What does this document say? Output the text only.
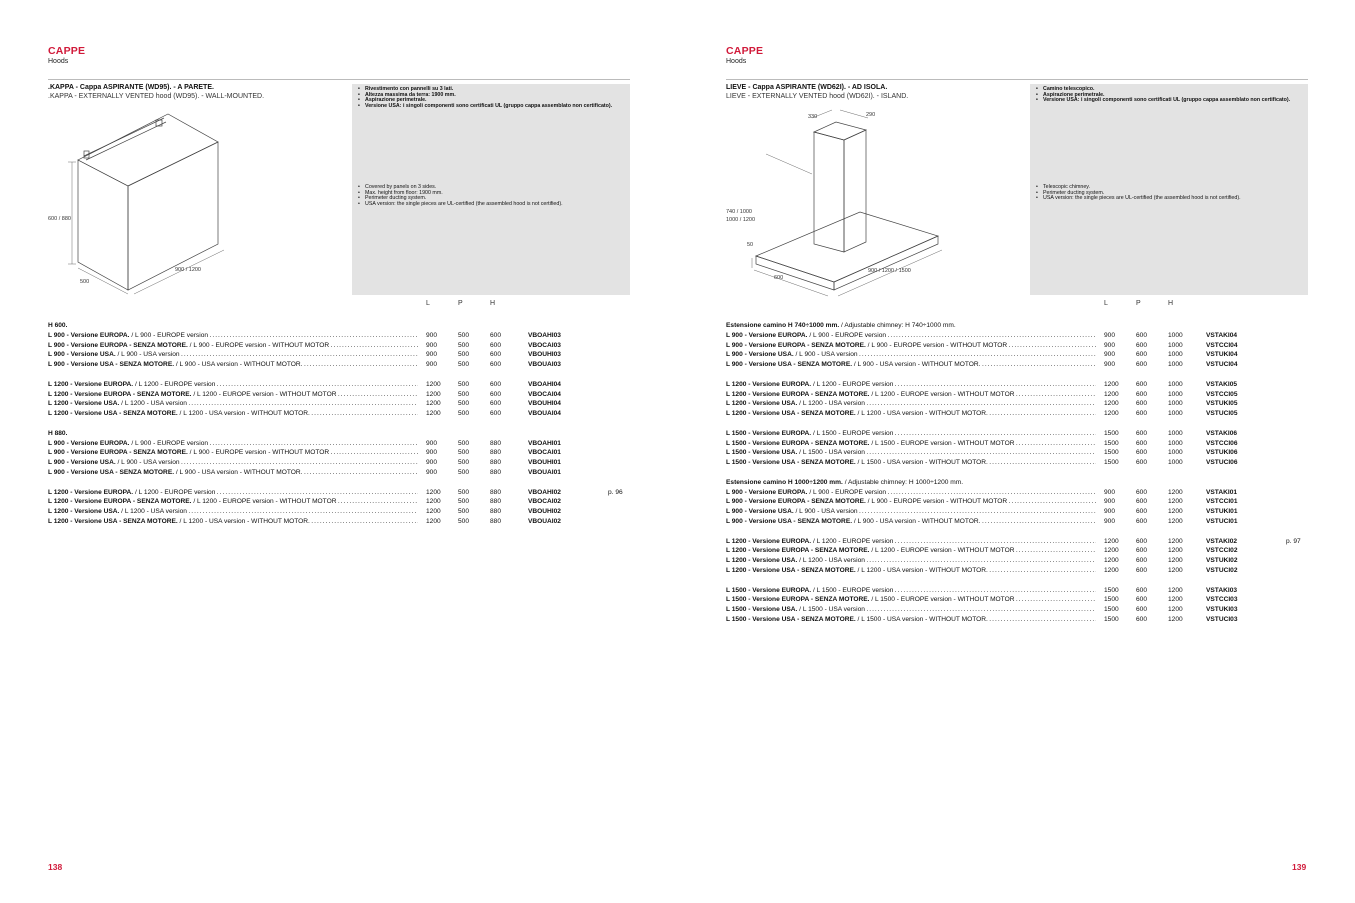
CAPPE
Hoods
.KAPPA - Cappa ASPIRANTE (WD95). - A PARETE.
.KAPPA - EXTERNALLY VENTED hood (WD95). - WALL-MOUNTED.
600 / 880
500
900 / 1200
• Rivestimento con pannelli su 3 lati.
• Altezza massima da terra: 1900 mm.
• Aspirazione perimetrale.
• Versione USA: i singoli componenti sono certificati UL (gruppo cappa assemblato non certificato).
• Covered by panels on 3 sides.
• Max. height from floor: 1900 mm.
• Perimeter ducting system.
• USA version: the single pieces are UL-certified (the assembled hood is not certified).
L	P	H
H 600.
L 900 - Versione EUROPA. / L 900 - EUROPE version . . .	900	500	600	VBOAHI03
L 900 - Versione EUROPA - SENZA MOTORE. / L 900 - EUROPE version - WITHOUT MOTOR . . .	900	500	600	VBOCAI03
L 900 - Versione USA. / L 900 - USA version . . .	900	500	600	VBOUHI03
L 900 - Versione USA - SENZA MOTORE. / L 900 - USA version - WITHOUT MOTOR. . . .	900	500	600	VBOUAI03
L 1200 - Versione EUROPA. / L 1200 - EUROPE version . . .	1200	500	600	VBOAHI04
L 1200 - Versione EUROPA - SENZA MOTORE. / L 1200 - EUROPE version - WITHOUT MOTOR . . .	1200	500	600	VBOCAI04
L 1200 - Versione USA. / L 1200 - USA version . . .	1200	500	600	VBOUHI04
L 1200 - Versione USA - SENZA MOTORE. / L 1200 - USA version - WITHOUT MOTOR. . . .	1200	500	600	VBOUAI04
H 880.
L 900 - Versione EUROPA. / L 900 - EUROPE version . . .	900	500	880	VBOAHI01
L 900 - Versione EUROPA - SENZA MOTORE. / L 900 - EUROPE version - WITHOUT MOTOR . . .	900	500	880	VBOCAI01
L 900 - Versione USA. / L 900 - USA version . . .	900	500	880	VBOUHI01
L 900 - Versione USA - SENZA MOTORE. / L 900 - USA version - WITHOUT MOTOR. . . .	900	500	880	VBOUAI01
L 1200 - Versione EUROPA. / L 1200 - EUROPE version . . .	1200	500	880	VBOAHI02	p. 96
L 1200 - Versione EUROPA - SENZA MOTORE. / L 1200 - EUROPE version - WITHOUT MOTOR . . .	1200	500	880	VBOCAI02
L 1200 - Versione USA. / L 1200 - USA version . . .	1200	500	880	VBOUHI02
L 1200 - Versione USA - SENZA MOTORE. / L 1200 - USA version - WITHOUT MOTOR. . . .	1200	500	880	VBOUAI02
138
CAPPE
Hoods
LIEVE - Cappa ASPIRANTE (WD62I). - AD ISOLA.
LIEVE - EXTERNALLY VENTED hood (WD62I). - ISLAND.
330	290
740 / 1000
1000 / 1200
50
600
900 / 1200 / 1500
• Camino telescopico.
• Aspirazione perimetrale.
• Versione USA: i singoli componenti sono certificati UL (gruppo cappa assemblato non certificato).
• Telescopic chimney.
• Perimeter ducting system.
• USA version: the single pieces are UL-certified (the assembled hood is not certified).
L	P	H
Estensione camino H 740÷1000 mm. / Adjustable chimney: H 740÷1000 mm.
L 900 - Versione EUROPA. / L 900 - EUROPE version . . .	900	600	1000	VSTAKI04
L 900 - Versione EUROPA - SENZA MOTORE. / L 900 - EUROPE version - WITHOUT MOTOR . . .	900	600	1000	VSTCCI04
L 900 - Versione USA. / L 900 - USA version . . .	900	600	1000	VSTUKI04
L 900 - Versione USA - SENZA MOTORE. / L 900 - USA version - WITHOUT MOTOR. . . .	900	600	1000	VSTUCI04
L 1200 - Versione EUROPA. / L 1200 - EUROPE version . . .	1200	600	1000	VSTAKI05
L 1200 - Versione EUROPA - SENZA MOTORE. / L 1200 - EUROPE version - WITHOUT MOTOR . . .	1200	600	1000	VSTCCI05
L 1200 - Versione USA. / L 1200 - USA version . . .	1200	600	1000	VSTUKI05
L 1200 - Versione USA - SENZA MOTORE. / L 1200 - USA version - WITHOUT MOTOR. . . .	1200	600	1000	VSTUCI05
L 1500 - Versione EUROPA. / L 1500 - EUROPE version . . .	1500	600	1000	VSTAKI06
L 1500 - Versione EUROPA - SENZA MOTORE. / L 1500 - EUROPE version - WITHOUT MOTOR . . .	1500	600	1000	VSTCCI06
L 1500 - Versione USA. / L 1500 - USA version . . .	1500	600	1000	VSTUKI06
L 1500 - Versione USA - SENZA MOTORE. / L 1500 - USA version - WITHOUT MOTOR. . . .	1500	600	1000	VSTUCI06
Estensione camino H 1000÷1200 mm. / Adjustable chimney: H 1000÷1200 mm.
L 900 - Versione EUROPA. / L 900 - EUROPE version . . .	900	600	1200	VSTAKI01
L 900 - Versione EUROPA - SENZA MOTORE. / L 900 - EUROPE version - WITHOUT MOTOR . . .	900	600	1200	VSTCCI01
L 900 - Versione USA. / L 900 - USA version . . .	900	600	1200	VSTUKI01
L 900 - Versione USA - SENZA MOTORE. / L 900 - USA version - WITHOUT MOTOR. . . .	900	600	1200	VSTUCI01
L 1200 - Versione EUROPA. / L 1200 - EUROPE version . . .	1200	600	1200	VSTAKI02	p. 97
L 1200 - Versione EUROPA - SENZA MOTORE. / L 1200 - EUROPE version - WITHOUT MOTOR . . .	1200	600	1200	VSTCCI02
L 1200 - Versione USA. / L 1200 - USA version . . .	1200	600	1200	VSTUKI02
L 1200 - Versione USA - SENZA MOTORE. / L 1200 - USA version - WITHOUT MOTOR. . . .	1200	600	1200	VSTUCI02
L 1500 - Versione EUROPA. / L 1500 - EUROPE version . . .	1500	600	1200	VSTAKI03
L 1500 - Versione EUROPA - SENZA MOTORE. / L 1500 - EUROPE version - WITHOUT MOTOR . . .	1500	600	1200	VSTCCI03
L 1500 - Versione USA. / L 1500 - USA version . . .	1500	600	1200	VSTUKI03
L 1500 - Versione USA - SENZA MOTORE. / L 1500 - USA version - WITHOUT MOTOR. . . .	1500	600	1200	VSTUCI03
139
